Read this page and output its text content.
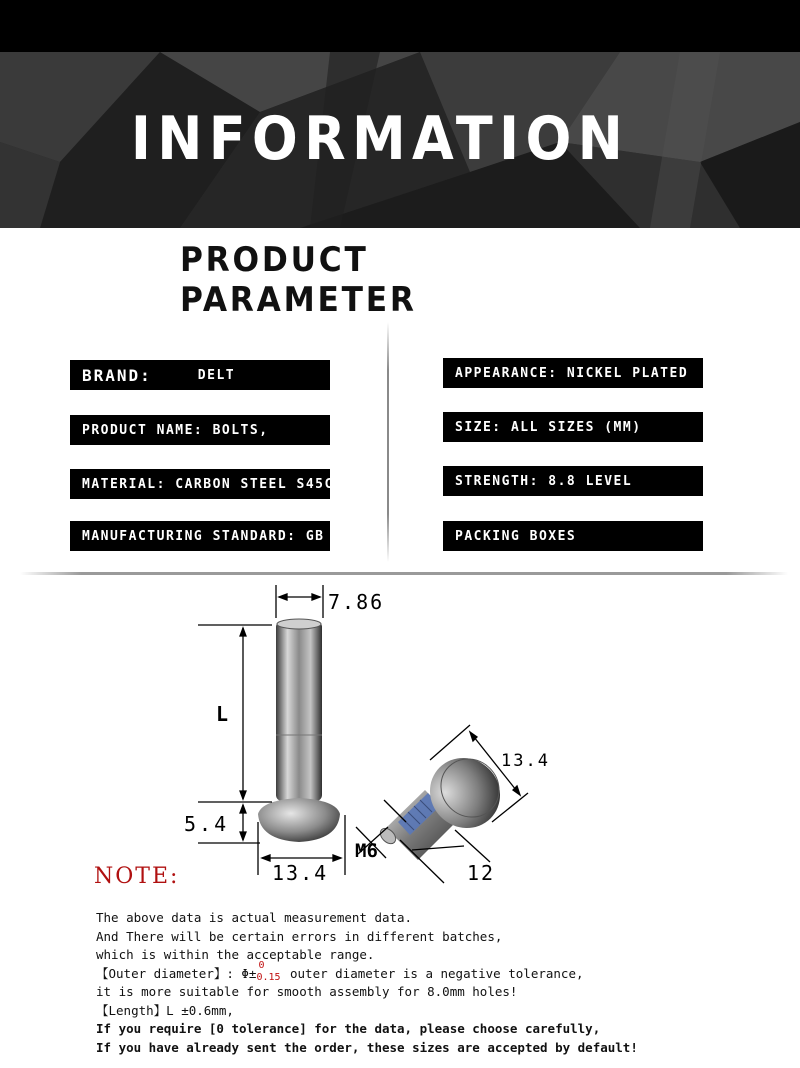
INFORMATION
PRODUCT PARAMETER
BRAND:	DELT
PRODUCT NAME: BOLTS,
MATERIAL: CARBON STEEL S45C
MANUFACTURING STANDARD: GB
APPEARANCE: NICKEL PLATED
SIZE: ALL SIZES (MM)
STRENGTH: 8.8 LEVEL
PACKING BOXES
7.86
L
5.4
13.4
13.4
M6
12
NOTE:
The above data is actual measurement data.
And There will be certain errors in different batches,
which is within the acceptable range.
【Outer diameter】: Φ±
0
0.15 outer diameter is a negative tolerance,
it is more suitable for smooth assembly for 8.0mm holes!
【Length】L ±0.6mm,
If you require [0 tolerance] for the data, please choose carefully,
If you have already sent the order, these sizes are accepted by default!
